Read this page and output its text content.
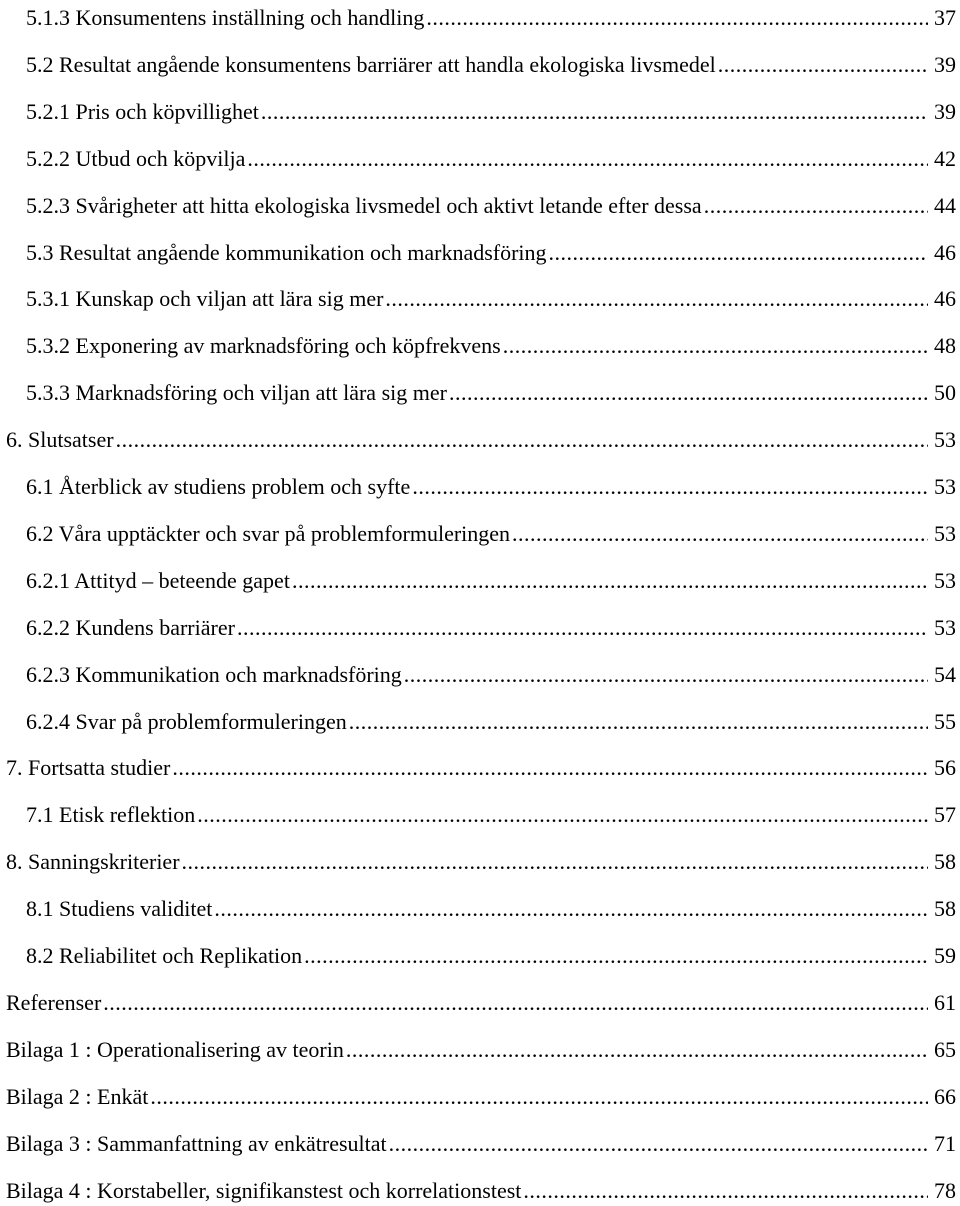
5.1.3 Konsumentens inställning och handling .....	37
5.2 Resultat angående konsumentens barriärer att handla ekologiska livsmedel .....	39
5.2.1 Pris och köpvillighet .....	39
5.2.2 Utbud och köpvilja .....	42
5.2.3 Svårigheter att hitta ekologiska livsmedel och aktivt letande efter dessa .....	44
5.3 Resultat angående kommunikation och marknadsföring .....	46
5.3.1 Kunskap och viljan att lära sig mer .....	46
5.3.2 Exponering av marknadsföring och köpfrekvens .....	48
5.3.3 Marknadsföring och viljan att lära sig mer .....	50
6. Slutsatser .....	53
6.1 Återblick av studiens problem och syfte .....	53
6.2 Våra upptäckter och svar på problemformuleringen .....	53
6.2.1 Attityd – beteende gapet .....	53
6.2.2 Kundens barriärer .....	53
6.2.3 Kommunikation och marknadsföring .....	54
6.2.4 Svar på problemformuleringen .....	55
7. Fortsatta studier .....	56
7.1 Etisk reflektion .....	57
8. Sanningskriterier .....	58
8.1 Studiens validitet .....	58
8.2 Reliabilitet och Replikation .....	59
Referenser .....	61
Bilaga 1 : Operationalisering av teorin .....	65
Bilaga 2 : Enkät .....	66
Bilaga 3 : Sammanfattning av enkätresultat .....	71
Bilaga 4 : Korstabeller, signifikanstest och korrelationstest .....	78
